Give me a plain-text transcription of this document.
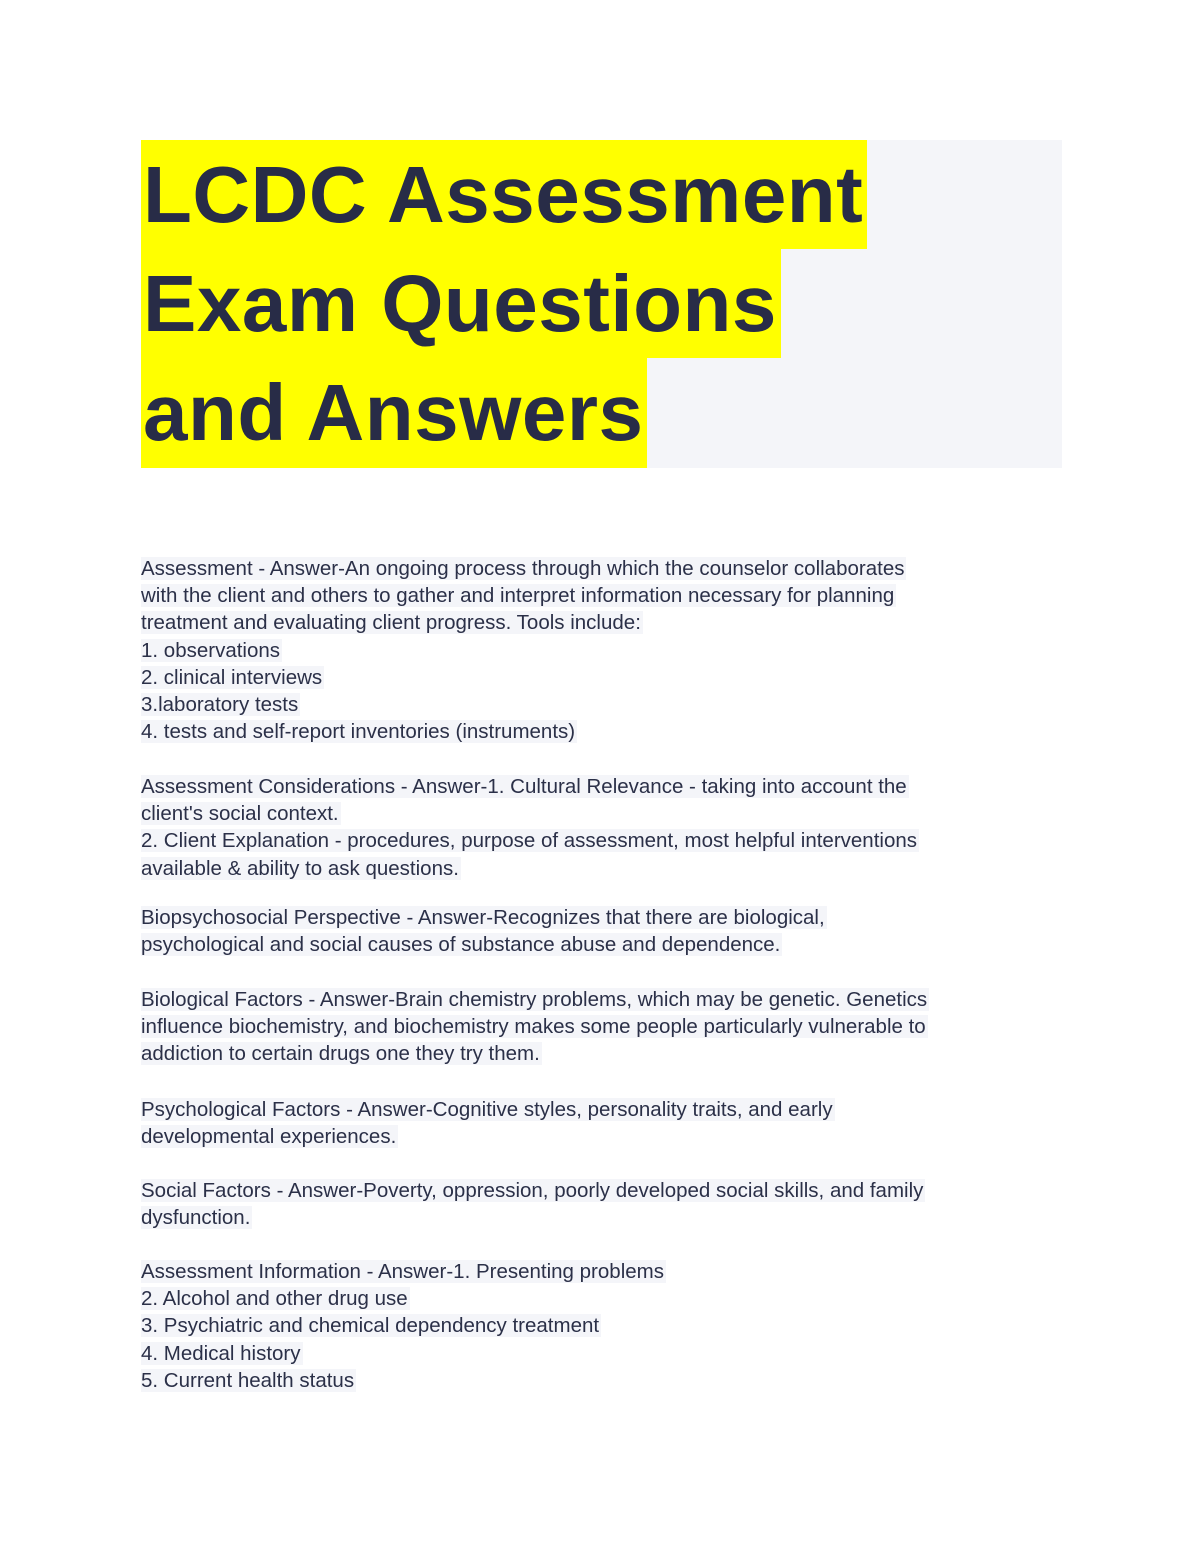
LCDC Assessment
Exam Questions
and Answers
Assessment - Answer-An ongoing process through which the counselor collaborates
with the client and others to gather and interpret information necessary for planning
treatment and evaluating client progress. Tools include:
1. observations
2. clinical interviews
3.laboratory tests
4. tests and self-report inventories (instruments)
Assessment Considerations - Answer-1. Cultural Relevance - taking into account the
client's social context.
2. Client Explanation - procedures, purpose of assessment, most helpful interventions
available & ability to ask questions.
Biopsychosocial Perspective - Answer-Recognizes that there are biological,
psychological and social causes of substance abuse and dependence.
Biological Factors - Answer-Brain chemistry problems, which may be genetic. Genetics
influence biochemistry, and biochemistry makes some people particularly vulnerable to
addiction to certain drugs one they try them.
Psychological Factors - Answer-Cognitive styles, personality traits, and early
developmental experiences.
Social Factors - Answer-Poverty, oppression, poorly developed social skills, and family
dysfunction.
Assessment Information - Answer-1. Presenting problems
2. Alcohol and other drug use
3. Psychiatric and chemical dependency treatment
4. Medical history
5. Current health status
